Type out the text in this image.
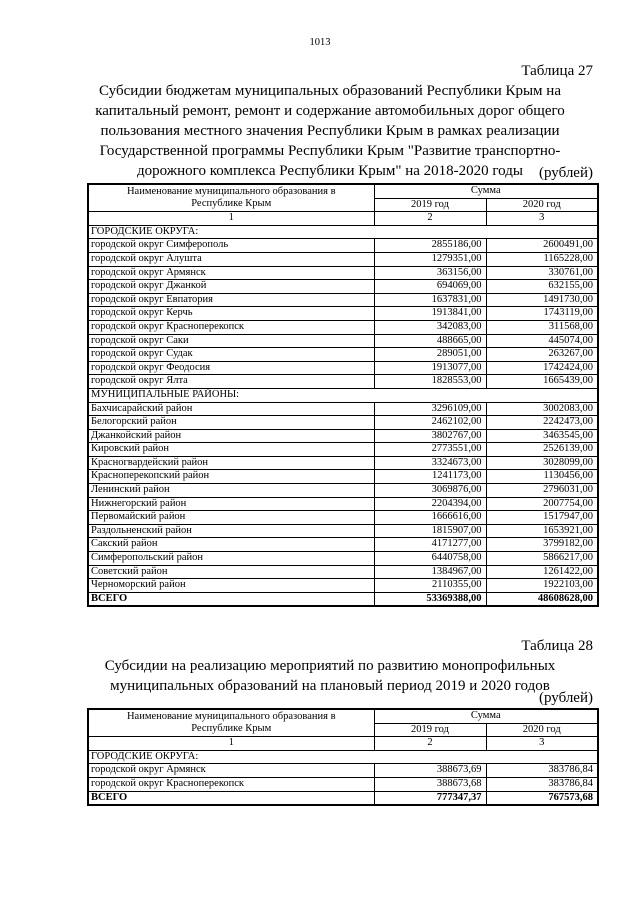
1013
Таблица 27
Субсидии бюджетам муниципальных образований Республики Крым на
капитальный ремонт, ремонт и содержание автомобильных дорог общего
пользования местного значения Республики Крым в рамках реализации
Государственной программы Республики Крым "Развитие транспортно-
дорожного комплекса Республики Крым" на 2018-2020 годы	(рублей)
Наименование муниципального образования в
Республике Крым	Сумма	
	2019 год	2020 год
1	2	3
ГОРОДСКИЕ ОКРУГА:		
городской округ Симферополь	2855186,00	2600491,00
городской округ Алушта	1279351,00	1165228,00
городской округ Армянск	363156,00	330761,00
городской округ Джанкой	694069,00	632155,00
городской округ Евпатория	1637831,00	1491730,00
городской округ Керчь	1913841,00	1743119,00
городской округ Красноперекопск	342083,00	311568,00
городской округ Саки	488665,00	445074,00
городской округ Судак	289051,00	263267,00
городской округ Феодосия	1913077,00	1742424,00
городской округ Ялта	1828553,00	1665439,00
МУНИЦИПАЛЬНЫЕ РАЙОНЫ:		
Бахчисарайский район	3296109,00	3002083,00
Белогорский район	2462102,00	2242473,00
Джанкойский район	3802767,00	3463545,00
Кировский район	2773551,00	2526139,00
Красногвардейский район	3324673,00	3028099,00
Красноперекопский район	1241173,00	1130456,00
Ленинский район	3069876,00	2796031,00
Нижнегорский район	2204394,00	2007754,00
Первомайский район	1666616,00	1517947,00
Раздольненский район	1815907,00	1653921,00
Сакский район	4171277,00	3799182,00
Симферопольский район	6440758,00	5866217,00
Советский район	1384967,00	1261422,00
Черноморский район	2110355,00	1922103,00
ВСЕГО	53369388,00	48608628,00
Таблица 28
Субсидии на реализацию мероприятий по развитию монопрофильных
муниципальных образований на плановый период 2019 и 2020 годов
(рублей)
Наименование муниципального образования в
Республике Крым	Сумма	
	2019 год	2020 год
1	2	3
ГОРОДСКИЕ ОКРУГА:		
городской округ Армянск	388673,69	383786,84
городской округ Красноперекопск	388673,68	383786,84
ВСЕГО	777347,37	767573,68
